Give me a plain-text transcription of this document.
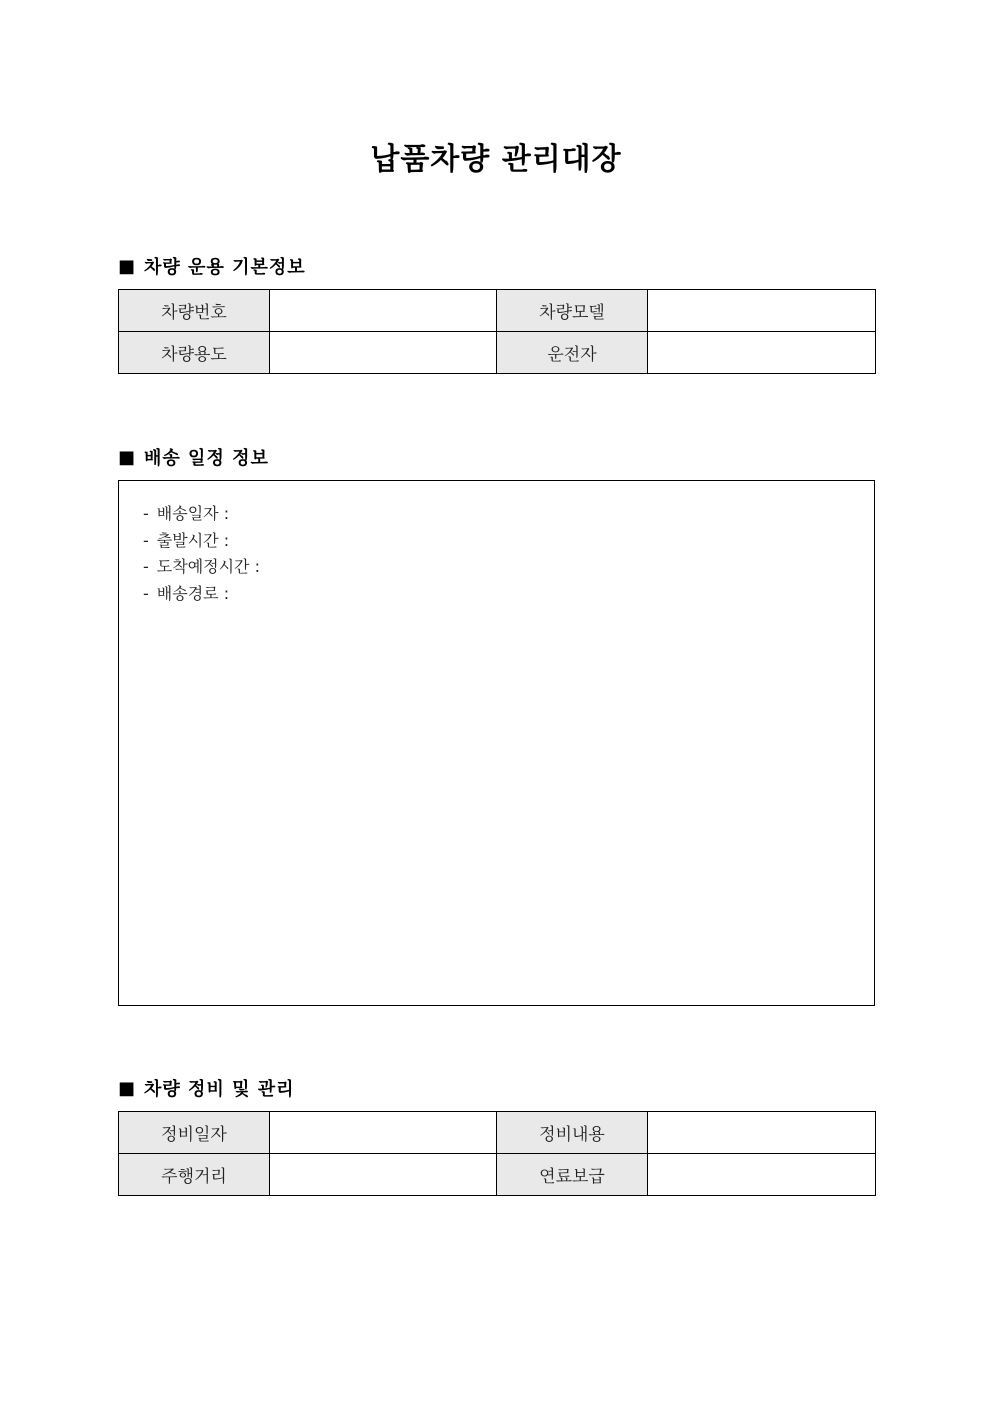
납품차량 관리대장
■ 차량 운용 기본정보
차량번호		차량모델	
차량용도		운전자	
■ 배송 일정 정보
- 배송일자 :
- 출발시간 :
- 도착예정시간 :
- 배송경로 :
■ 차량 정비 및 관리
정비일자		정비내용	
주행거리		연료보급	
